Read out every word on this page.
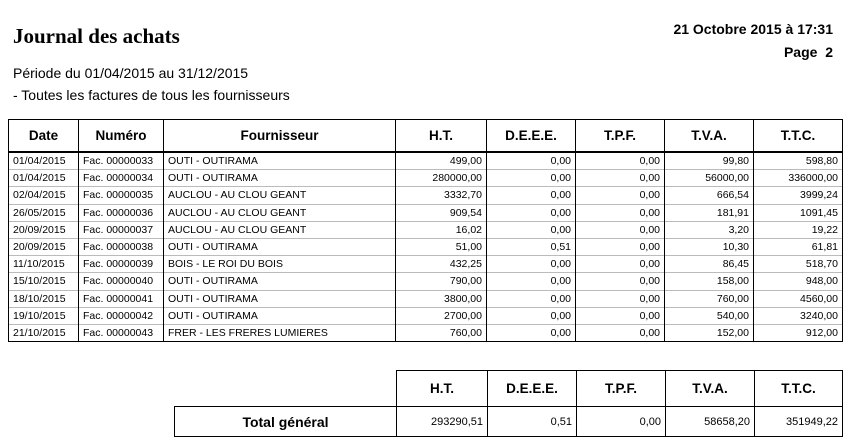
Journal des achats	21 Octobre 2015 à 17:31
Page  2
Période du 01/04/2015 au 31/12/2015
- Toutes les factures de tous les fournisseurs
Date	Numéro	Fournisseur	H.T.	D.E.E.E.	T.P.F.	T.V.A.	T.T.C.
01/04/2015	Fac. 00000033	OUTI - OUTIRAMA	499,00	0,00	0,00	99,80	598,80
01/04/2015	Fac. 00000034	OUTI - OUTIRAMA	280000,00	0,00	0,00	56000,00	336000,00
02/04/2015	Fac. 00000035	AUCLOU - AU CLOU GEANT	3332,70	0,00	0,00	666,54	3999,24
26/05/2015	Fac. 00000036	AUCLOU - AU CLOU GEANT	909,54	0,00	0,00	181,91	1091,45
20/09/2015	Fac. 00000037	AUCLOU - AU CLOU GEANT	16,02	0,00	0,00	3,20	19,22
20/09/2015	Fac. 00000038	OUTI - OUTIRAMA	51,00	0,51	0,00	10,30	61,81
11/10/2015	Fac. 00000039	BOIS - LE ROI DU BOIS	432,25	0,00	0,00	86,45	518,70
15/10/2015	Fac. 00000040	OUTI - OUTIRAMA	790,00	0,00	0,00	158,00	948,00
18/10/2015	Fac. 00000041	OUTI - OUTIRAMA	3800,00	0,00	0,00	760,00	4560,00
19/10/2015	Fac. 00000042	OUTI - OUTIRAMA	2700,00	0,00	0,00	540,00	3240,00
21/10/2015	Fac. 00000043	FRER - LES FRERES LUMIERES	760,00	0,00	0,00	152,00	912,00
	H.T.	D.E.E.E.	T.P.F.	T.V.A.	T.T.C.
Total général	293290,51	0,51	0,00	58658,20	351949,22
